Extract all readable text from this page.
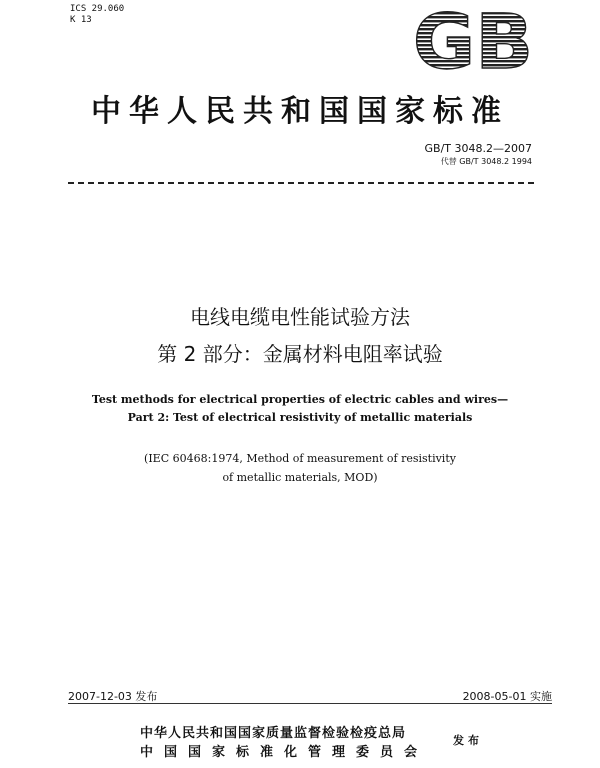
ICS 29.060
K 13	GB
中华人民共和国国家标准
GB/T 3048.2—2007
代替 GB/T 3048.2 1994
电线电缆电性能试验方法
第 2 部分：金属材料电阻率试验
Test methods for electrical properties of electric cables and wires—
Part 2: Test of electrical resistivity of metallic materials
(IEC 60468:1974, Method of measurement of resistivity
of metallic materials, MOD)
2007-12-03 发布	2008-05-01 实施
中华人民共和国国家质量监督检验检疫总局
中国国家标准化管理委员会
发布
